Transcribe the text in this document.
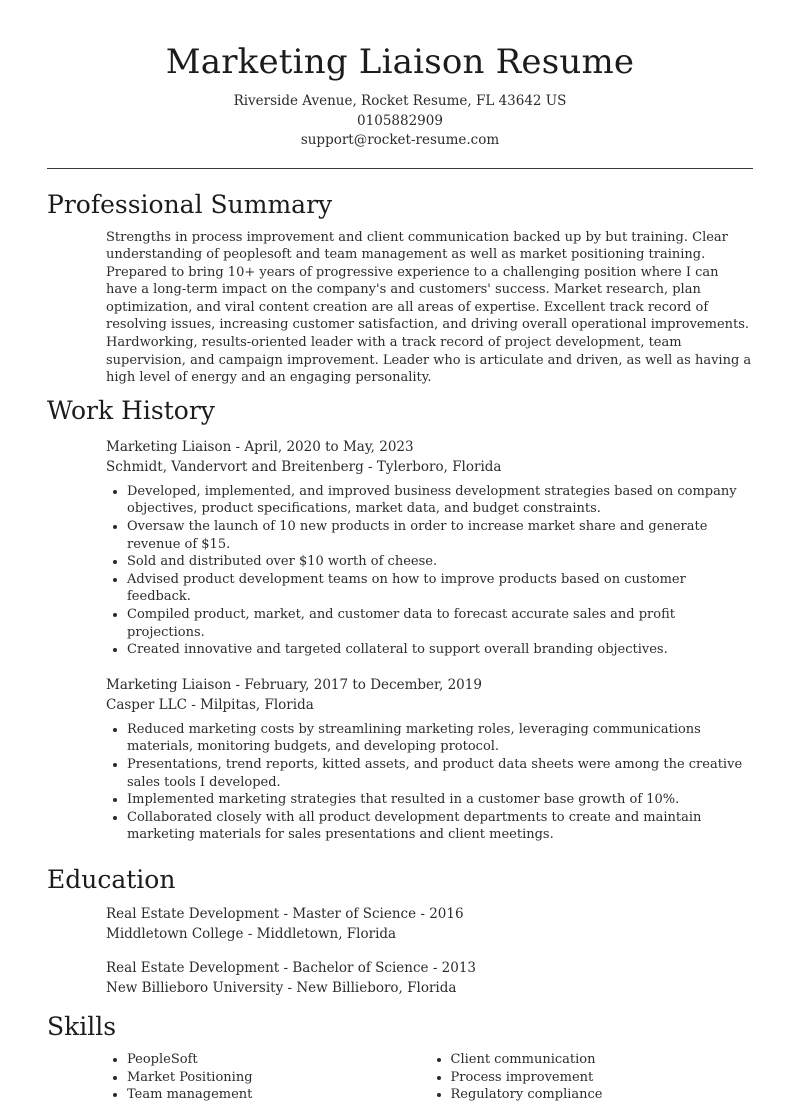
Marketing Liaison Resume
Riverside Avenue, Rocket Resume, FL 43642 US
0105882909
support@rocket-resume.com
Professional Summary
Strengths in process improvement and client communication backed up by but training. Clear understanding of peoplesoft and team management as well as market positioning training. Prepared to bring 10+ years of progressive experience to a challenging position where I can have a long-term impact on the company's and customers' success. Market research, plan optimization, and viral content creation are all areas of expertise. Excellent track record of resolving issues, increasing customer satisfaction, and driving overall operational improvements. Hardworking, results-oriented leader with a track record of project development, team supervision, and campaign improvement. Leader who is articulate and driven, as well as having a high level of energy and an engaging personality.
Work History
Marketing Liaison - April, 2020 to May, 2023
Schmidt, Vandervort and Breitenberg - Tylerboro, Florida
• Developed, implemented, and improved business development strategies based on company objectives, product specifications, market data, and budget constraints.
• Oversaw the launch of 10 new products in order to increase market share and generate revenue of $15.
• Sold and distributed over $10 worth of cheese.
• Advised product development teams on how to improve products based on customer feedback.
• Compiled product, market, and customer data to forecast accurate sales and profit projections.
• Created innovative and targeted collateral to support overall branding objectives.
Marketing Liaison - February, 2017 to December, 2019
Casper LLC - Milpitas, Florida
• Reduced marketing costs by streamlining marketing roles, leveraging communications materials, monitoring budgets, and developing protocol.
• Presentations, trend reports, kitted assets, and product data sheets were among the creative sales tools I developed.
• Implemented marketing strategies that resulted in a customer base growth of 10%.
• Collaborated closely with all product development departments to create and maintain marketing materials for sales presentations and client meetings.
Education
Real Estate Development - Master of Science - 2016
Middletown College - Middletown, Florida
Real Estate Development - Bachelor of Science - 2013
New Billieboro University - New Billieboro, Florida
Skills
• PeopleSoft
• Market Positioning
• Team management
• Client communication
• Process improvement
• Regulatory compliance
